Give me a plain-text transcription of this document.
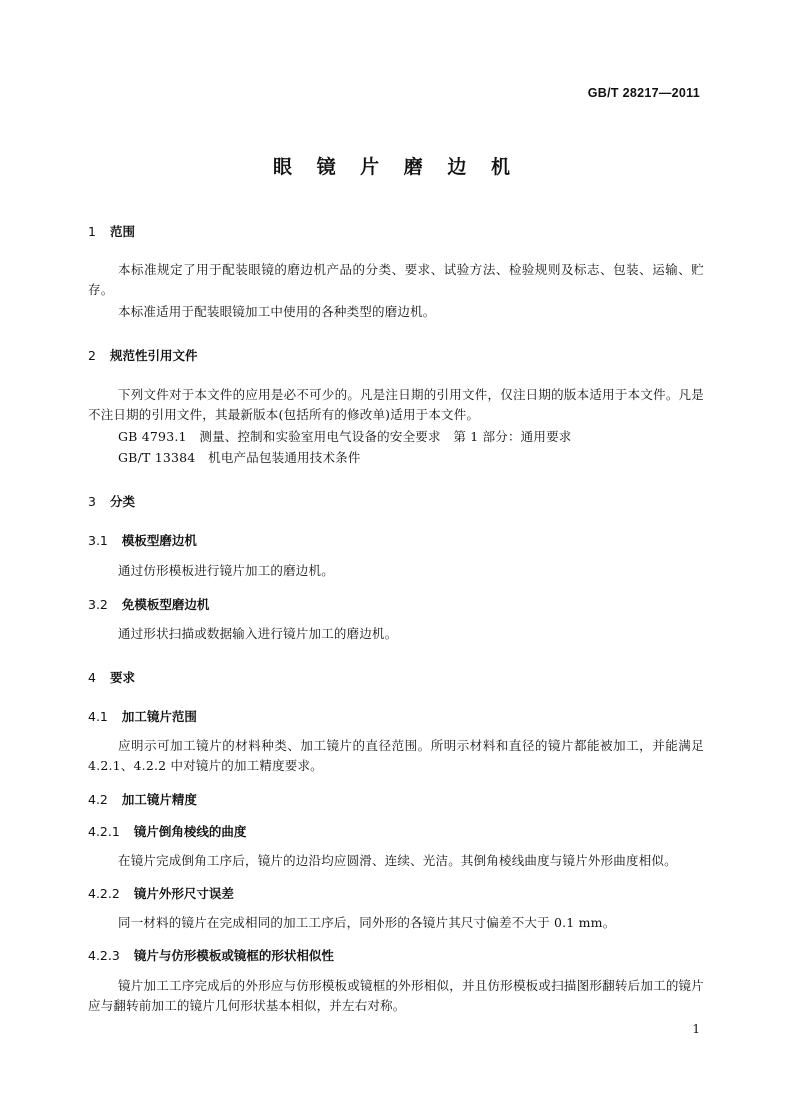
GB/T 28217—2011
眼 镜 片 磨 边 机
1 范围
本标准规定了用于配装眼镜的磨边机产品的分类、要求、试验方法、检验规则及标志、包装、运输、贮存。
本标准适用于配装眼镜加工中使用的各种类型的磨边机。
2 规范性引用文件
下列文件对于本文件的应用是必不可少的。凡是注日期的引用文件，仅注日期的版本适用于本文件。凡是不注日期的引用文件，其最新版本(包括所有的修改单)适用于本文件。
GB 4793.1　测量、控制和实验室用电气设备的安全要求　第 1 部分：通用要求
GB/T 13384　机电产品包装通用技术条件
3 分类
3.1 模板型磨边机
通过仿形模板进行镜片加工的磨边机。
3.2 免模板型磨边机
通过形状扫描或数据输入进行镜片加工的磨边机。
4 要求
4.1 加工镜片范围
应明示可加工镜片的材料种类、加工镜片的直径范围。所明示材料和直径的镜片都能被加工，并能满足 4.2.1、4.2.2 中对镜片的加工精度要求。
4.2 加工镜片精度
4.2.1 镜片倒角棱线的曲度
在镜片完成倒角工序后，镜片的边沿均应圆滑、连续、光洁。其倒角棱线曲度与镜片外形曲度相似。
4.2.2 镜片外形尺寸误差
同一材料的镜片在完成相同的加工工序后，同外形的各镜片其尺寸偏差不大于 0.1 mm。
4.2.3 镜片与仿形模板或镜框的形状相似性
镜片加工工序完成后的外形应与仿形模板或镜框的外形相似，并且仿形模板或扫描图形翻转后加工的镜片应与翻转前加工的镜片几何形状基本相似，并左右对称。
1
